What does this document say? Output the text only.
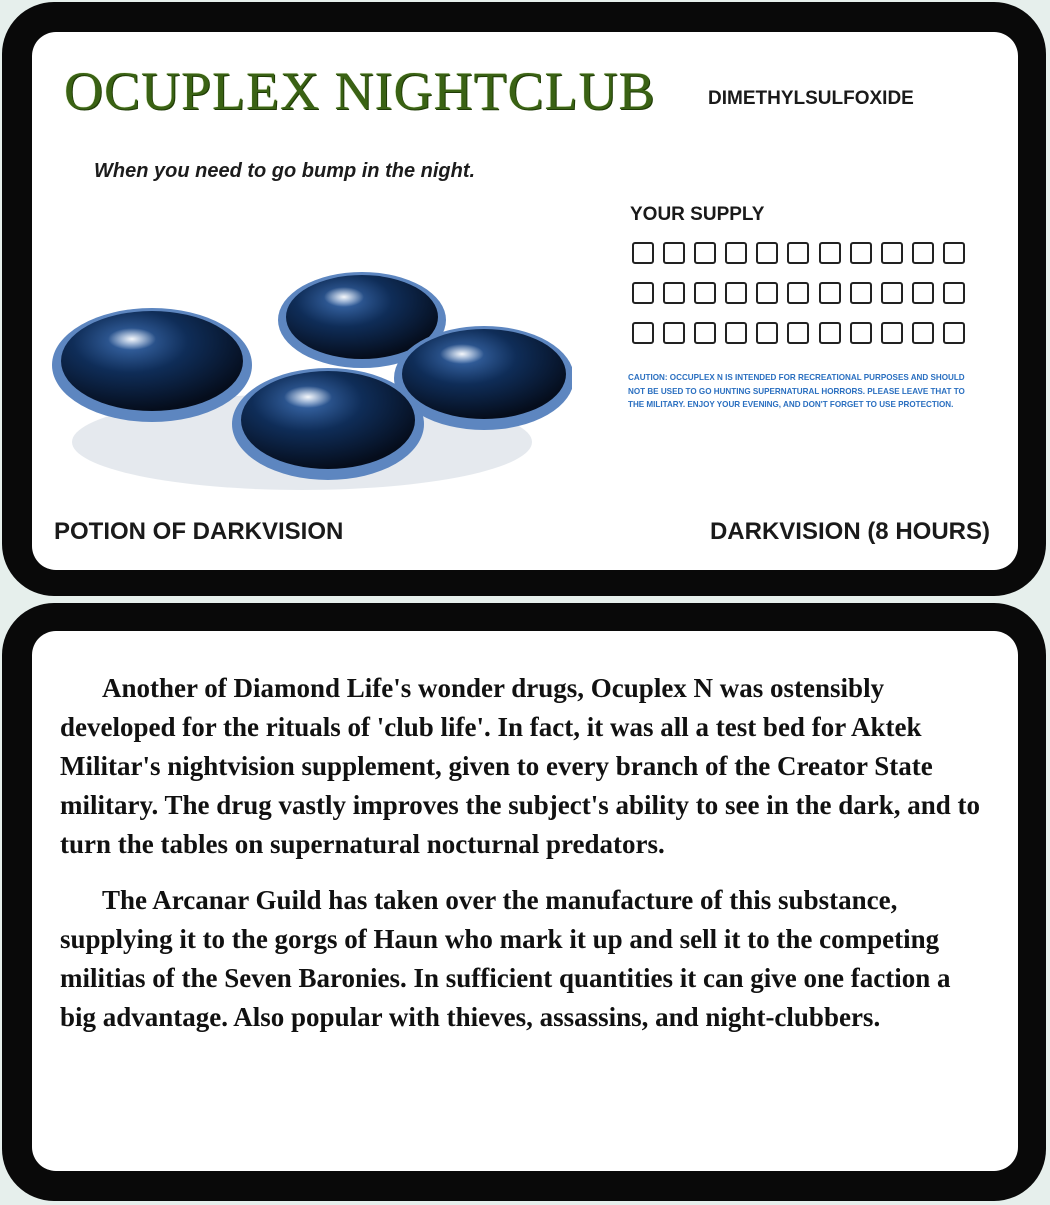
OCUPLEX NIGHTCLUB	DIMETHYLSULFOXIDE
When you need to go bump in the night.
YOUR SUPPLY
CAUTION: OCCUPLEX N IS INTENDED FOR RECREATIONAL PURPOSES AND SHOULD NOT BE USED TO GO HUNTING SUPERNATURAL HORRORS. PLEASE LEAVE THAT TO THE MILITARY. ENJOY YOUR EVENING, AND DON'T FORGET TO USE PROTECTION.
POTION OF DARKVISION	DARKVISION (8 HOURS)

Another of Diamond Life's wonder drugs, Ocuplex N was ostensibly developed for the rituals of 'club life'. In fact, it was all a test bed for Aktek Militar's nightvision supplement, given to every branch of the Creator State military. The drug vastly improves the subject's ability to see in the dark, and to turn the tables on supernatural nocturnal predators.

The Arcanar Guild has taken over the manufacture of this substance, supplying it to the gorgs of Haun who mark it up and sell it to the competing militias of the Seven Baronies. In sufficient quantities it can give one faction a big advantage. Also popular with thieves, assassins, and night-clubbers.
